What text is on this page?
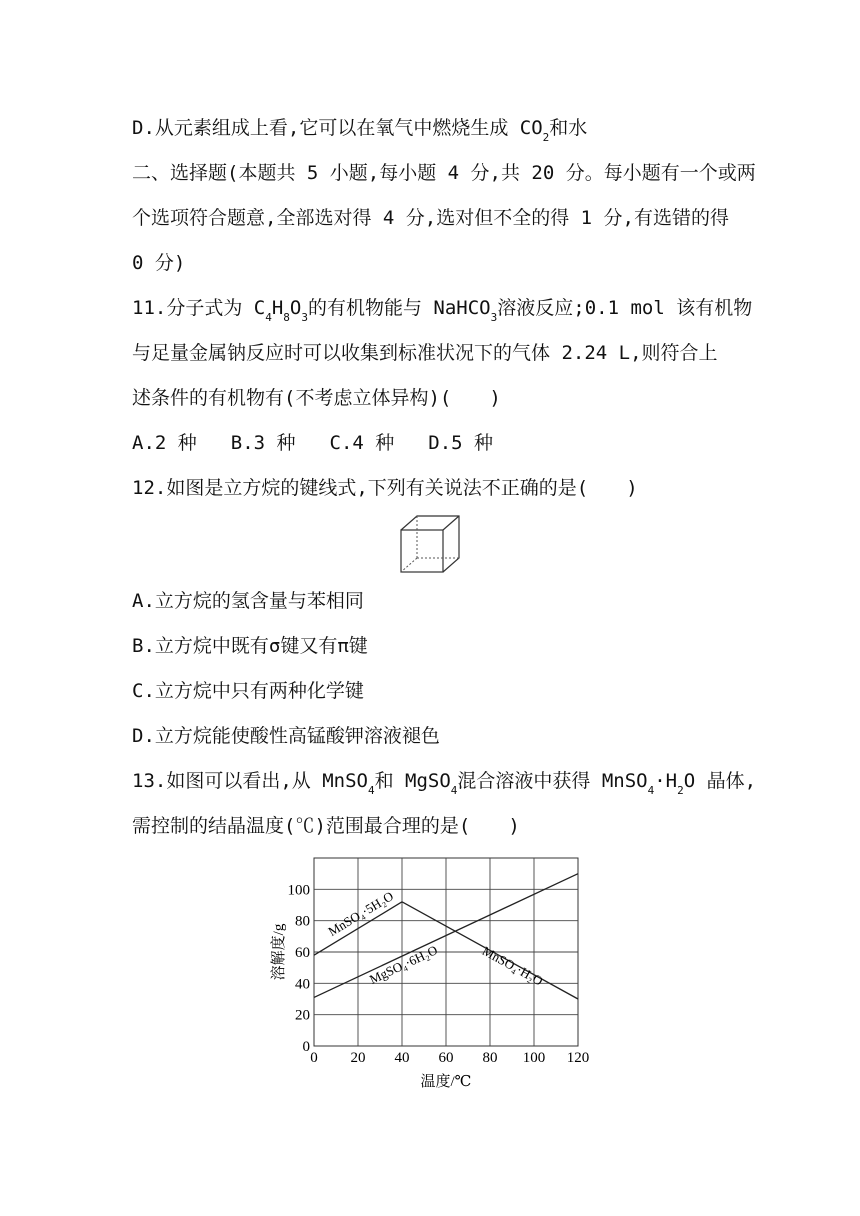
D.从元素组成上看,它可以在氧气中燃烧生成 $CO_2$和水
二、选择题(本题共 5 小题,每小题 4 分,共 20 分。每小题有一个或两
个选项符合题意,全部选对得 4 分,选对但不全的得 1 分,有选错的得
0 分)
11.分子式为 $C_4H_8O_3$的有机物能与 NaHCO$_3$溶液反应;0.1 mol 该有机物
与足量金属钠反应时可以收集到标准状况下的气体 2.24 L,则符合上
述条件的有机物有(不考虑立体异构)(　　)
A.2 种 B.3 种 C.4 种 D.5 种
12.如图是立方烷的键线式,下列有关说法不正确的是(　　)
A.立方烷的氢含量与苯相同
B.立方烷中既有σ键又有π键
C.立方烷中只有两种化学键
D.立方烷能使酸性高锰酸钾溶液褪色
13.如图可以看出,从 MnSO$_4$和 MgSO$_4$混合溶液中获得 $MnSO_4\cdot H_2O$ 晶体,
需控制的结晶温度(℃)范围最合理的是(　　)
0
20
40
60
80
100
0 20 40 60 80 100 120
MnSO₄·5H₂O
MnSO₄·H₂O
MgSO₄·6H₂O
温度/℃
溶解度/g
